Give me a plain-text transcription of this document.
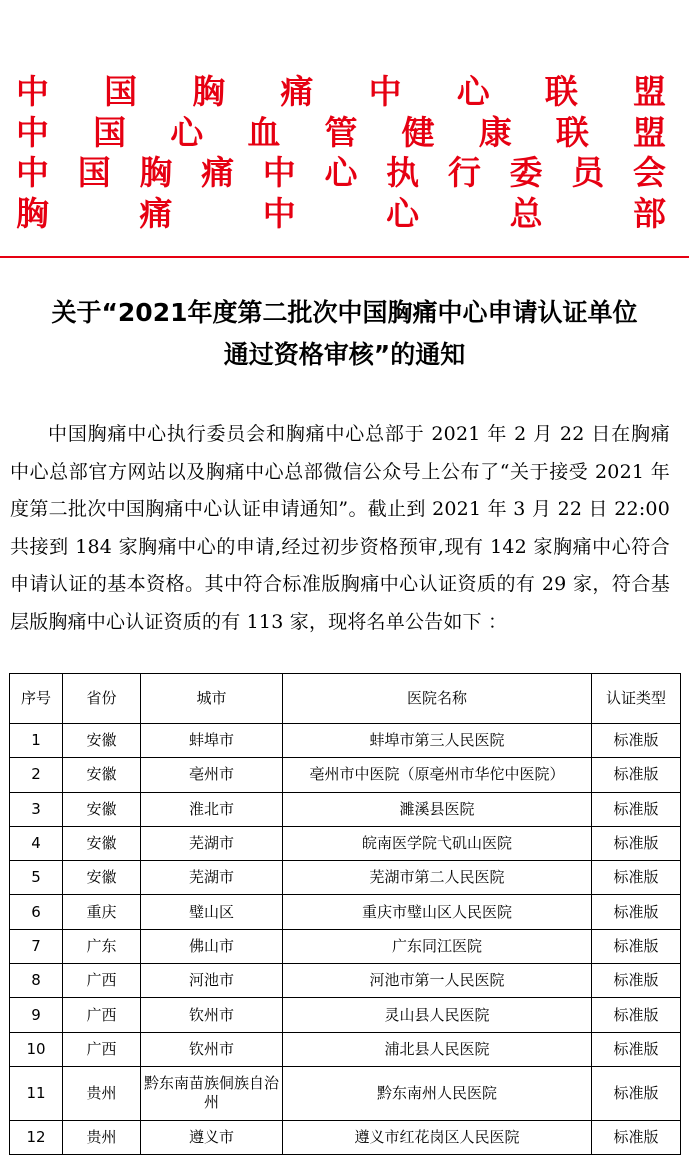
中 国 胸 痛 中 心 联 盟
中 国 心 血 管 健 康 联 盟
中 国 胸 痛 中 心 执 行 委 员 会
胸	痛	中	心	总	部
关于“2021年度第二批次中国胸痛中心申请认证单位
通过资格审核”的通知

中国胸痛中心执行委员会和胸痛中心总部于 2021 年 2 月 22 日在胸痛中心总部官方网站以及胸痛中心总部微信公众号上公布了“关于接受 2021 年度第二批次中国胸痛中心认证申请通知”。截止到 2021 年 3 月 22 日 22:00 共接到 184 家胸痛中心的申请,经过初步资格预审,现有 142 家胸痛中心符合申请认证的基本资格。其中符合标准版胸痛中心认证资质的有 29 家，符合基层版胸痛中心认证资质的有 113 家，现将名单公告如下 ：

序号	省份	城市	医院名称	认证类型
1	安徽	蚌埠市	蚌埠市第三人民医院	标准版
2	安徽	亳州市	亳州市中医院（原亳州市华佗中医院）	标准版
3	安徽	淮北市	濉溪县医院	标准版
4	安徽	芜湖市	皖南医学院弋矶山医院	标准版
5	安徽	芜湖市	芜湖市第二人民医院	标准版
6	重庆	璧山区	重庆市璧山区人民医院	标准版
7	广东	佛山市	广东同江医院	标准版
8	广西	河池市	河池市第一人民医院	标准版
9	广西	钦州市	灵山县人民医院	标准版
10	广西	钦州市	浦北县人民医院	标准版
11	贵州	黔东南苗族侗族自治州	黔东南州人民医院	标准版
12	贵州	遵义市	遵义市红花岗区人民医院	标准版
